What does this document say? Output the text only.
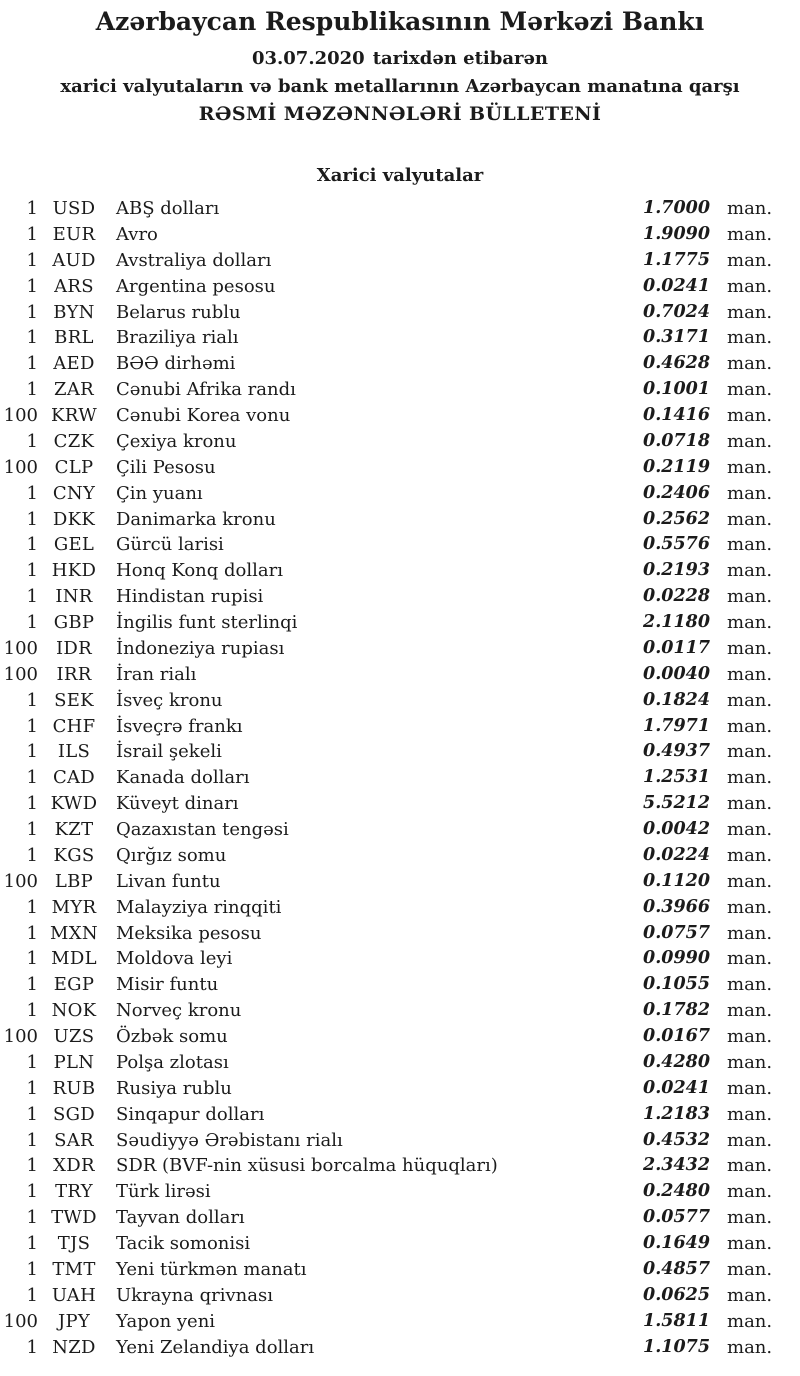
Azərbaycan Respublikasının Mərkəzi Bankı
03.07.2020 tarixdən etibarən
xarici valyutaların və bank metallarının Azərbaycan manatına qarşı
RƏSMİ MƏZƏNNƏLƏRİ BÜLLETENİ
Xarici valyutalar
1 USD	ABŞ dolları	1.7000 man.
1 EUR	Avro	1.9090 man.
1 AUD	Avstraliya dolları	1.1775 man.
1 ARS	Argentina pesosu	0.0241 man.
1 BYN	Belarus rublu	0.7024 man.
1 BRL	Braziliya rialı	0.3171 man.
1 AED	BƏƏ dirhəmi	0.4628 man.
1 ZAR	Cənubi Afrika randı	0.1001 man.
100 KRW	Cənubi Korea vonu	0.1416 man.
1 CZK	Çexiya kronu	0.0718 man.
100 CLP	Çili Pesosu	0.2119 man.
1 CNY	Çin yuanı	0.2406 man.
1 DKK	Danimarka kronu	0.2562 man.
1 GEL	Gürcü larisi	0.5576 man.
1 HKD	Honq Konq dolları	0.2193 man.
1 INR	Hindistan rupisi	0.0228 man.
1 GBP	İngilis funt sterlinqi	2.1180 man.
100	IDR	İndoneziya rupiası	0.0117 man.
100	IRR	İran rialı	0.0040 man.
1 SEK	İsveç kronu	0.1824 man.
1 CHF	İsveçrə frankı	1.7971 man.
1	ILS	İsrail şekeli	0.4937 man.
1 CAD	Kanada dolları	1.2531 man.
1 KWD	Küveyt dinarı	5.5212 man.
1 KZT	Qazaxıstan tengəsi	0.0042 man.
1 KGS	Qırğız somu	0.0224 man.
100 LBP	Livan funtu	0.1120 man.
1 MYR	Malayziya rinqqiti	0.3966 man.
1 MXN	Meksika pesosu	0.0757 man.
1 MDL	Moldova leyi	0.0990 man.
1 EGP	Misir funtu	0.1055 man.
1 NOK	Norveç kronu	0.1782 man.
100 UZS	Özbək somu	0.0167 man.
1 PLN	Polşa zlotası	0.4280 man.
1 RUB	Rusiya rublu	0.0241 man.
1 SGD	Sinqapur dolları	1.2183 man.
1 SAR	Səudiyyə Ərəbistanı rialı	0.4532 man.
1 XDR	SDR (BVF-nin xüsusi borcalma hüquqları)	2.3432 man.
1 TRY	Türk lirəsi	0.2480 man.
1 TWD	Tayvan dolları	0.0577 man.
1	TJS	Tacik somonisi	0.1649 man.
1 TMT	Yeni türkmən manatı	0.4857 man.
1 UAH	Ukrayna qrivnası	0.0625 man.
100	JPY	Yapon yeni	1.5811 man.
1 NZD	Yeni Zelandiya dolları	1.1075 man.
